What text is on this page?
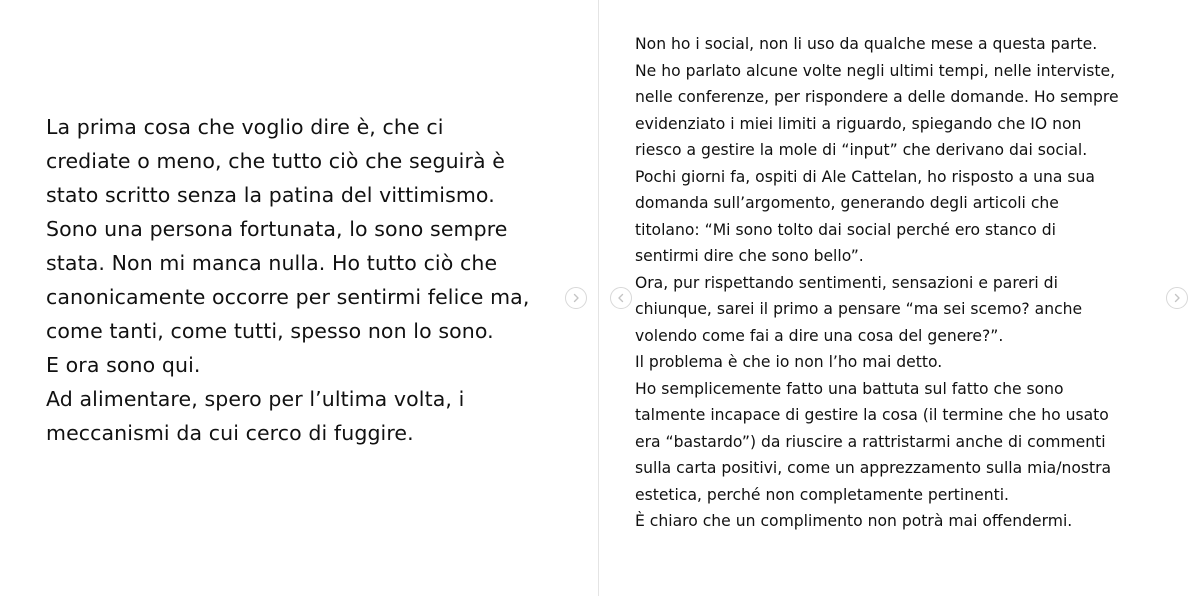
La prima cosa che voglio dire è, che ci
crediate o meno, che tutto ciò che seguirà è
stato scritto senza la patina del vittimismo.
Sono una persona fortunata, lo sono sempre
stata. Non mi manca nulla. Ho tutto ciò che
canonicamente occorre per sentirmi felice ma,
come tanti, come tutti, spesso non lo sono.
E ora sono qui.
Ad alimentare, spero per l’ultima volta, i
meccanismi da cui cerco di fuggire.
Non ho i social, non li uso da qualche mese a questa parte.
Ne ho parlato alcune volte negli ultimi tempi, nelle interviste,
nelle conferenze, per rispondere a delle domande. Ho sempre
evidenziato i miei limiti a riguardo, spiegando che IO non
riesco a gestire la mole di “input” che derivano dai social.
Pochi giorni fa, ospiti di Ale Cattelan, ho risposto a una sua
domanda sull’argomento, generando degli articoli che
titolano: “Mi sono tolto dai social perché ero stanco di
sentirmi dire che sono bello”.
Ora, pur rispettando sentimenti, sensazioni e pareri di
chiunque, sarei il primo a pensare “ma sei scemo? anche
volendo come fai a dire una cosa del genere?”.
Il problema è che io non l’ho mai detto.
Ho semplicemente fatto una battuta sul fatto che sono
talmente incapace di gestire la cosa (il termine che ho usato
era “bastardo”) da riuscire a rattristarmi anche di commenti
sulla carta positivi, come un apprezzamento sulla mia/nostra
estetica, perché non completamente pertinenti.
È chiaro che un complimento non potrà mai offendermi.
